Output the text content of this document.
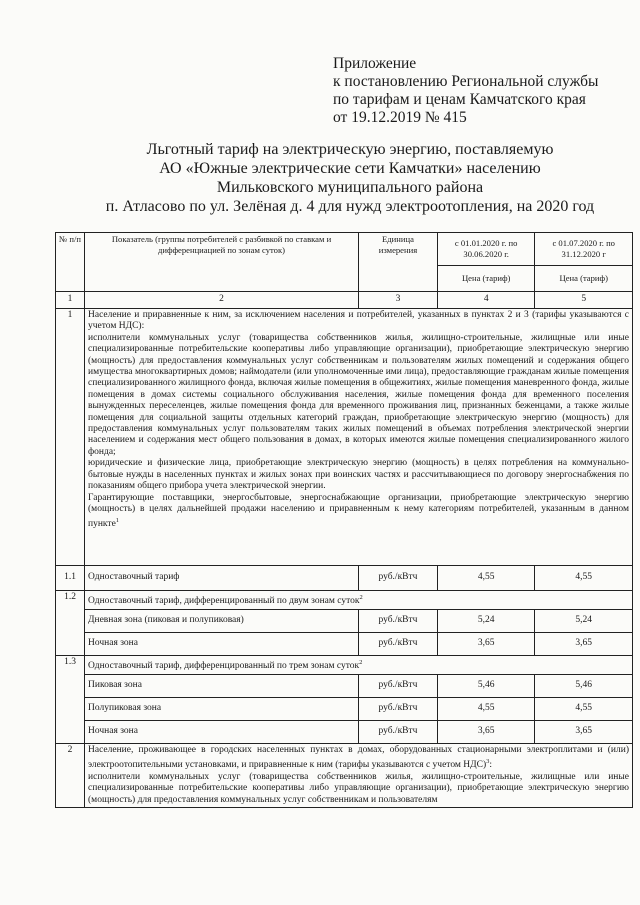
Приложение
к постановлению Региональной службы
по тарифам и ценам Камчатского края
от 19.12.2019 № 415
Льготный тариф на электрическую энергию, поставляемую
АО «Южные электрические сети Камчатки» населению
Мильковского муниципального района
п. Атласово по ул. Зелёная д. 4 для нужд электроотопления, на 2020 год
№ п/п	Показатель (группы потребителей с разбивкой по ставкам и дифференциацией по зонам суток)	Единица измерения	с 01.01.2020 г. по 30.06.2020 г.	с 01.07.2020 г. по 31.12.2020 г
			Цена (тариф)	Цена (тариф)
1	2	3	4	5
1	Население и приравненные к ним, за исключением населения и потребителей, указанных в пунктах 2 и 3 (тарифы указываются с учетом НДС):
исполнители коммунальных услуг (товарищества собственников жилья, жилищно-строительные, жилищные или иные специализированные потребительские кооперативы либо управляющие организации), приобретающие электрическую энергию (мощность) для предоставления коммунальных услуг собственникам и пользователям жилых помещений и содержания общего имущества многоквартирных домов; наймодатели (или уполномоченные ими лица), предоставляющие гражданам жилые помещения специализированного жилищного фонда, включая жилые помещения в общежитиях, жилые помещения маневренного фонда, жилые помещения в домах системы социального обслуживания населения, жилые помещения фонда для временного поселения вынужденных переселенцев, жилые помещения фонда для временного проживания лиц, признанных беженцами, а также жилые помещения для социальной защиты отдельных категорий граждан, приобретающие электрическую энергию (мощность) для предоставления коммунальных услуг пользователям таких жилых помещений в объемах потребления электрической энергии населением и содержания мест общего пользования в домах, в которых имеются жилые помещения специализированного жилого фонда;
юридические и физические лица, приобретающие электрическую энергию (мощность) в целях потребления на коммунально-бытовые нужды в населенных пунктах и жилых зонах при воинских частях и рассчитывающиеся по договору энергоснабжения по показаниям общего прибора учета электрической энергии.
Гарантирующие поставщики, энергосбытовые, энергоснабжающие организации, приобретающие электрическую энергию (мощность) в целях дальнейшей продажи населению и приравненным к нему категориям потребителей, указанным в данном пункте$^1$
1.1	Одноставочный тариф	руб./кВтч	4,55	4,55
1.2	Одноставочный тариф, дифференцированный по двум зонам суток$^2$
	Дневная зона (пиковая и полупиковая)	руб./кВтч	5,24	5,24
	Ночная зона	руб./кВтч	3,65	3,65
1.3	Одноставочный тариф, дифференцированный по трем зонам суток$^2$
	Пиковая зона	руб./кВтч	5,46	5,46
	Полупиковая зона	руб./кВтч	4,55	4,55
	Ночная зона	руб./кВтч	3,65	3,65
2	Население, проживающее в городских населенных пунктах в домах, оборудованных стационарными электроплитами и (или) электроотопительными установками, и приравненные к ним (тарифы указываются с учетом НДС)$^3$:
исполнители коммунальных услуг (товарищества собственников жилья, жилищно-строительные, жилищные или иные специализированные потребительские кооперативы либо управляющие организации), приобретающие электрическую энергию (мощность) для предоставления коммунальных услуг собственникам и пользователям			
